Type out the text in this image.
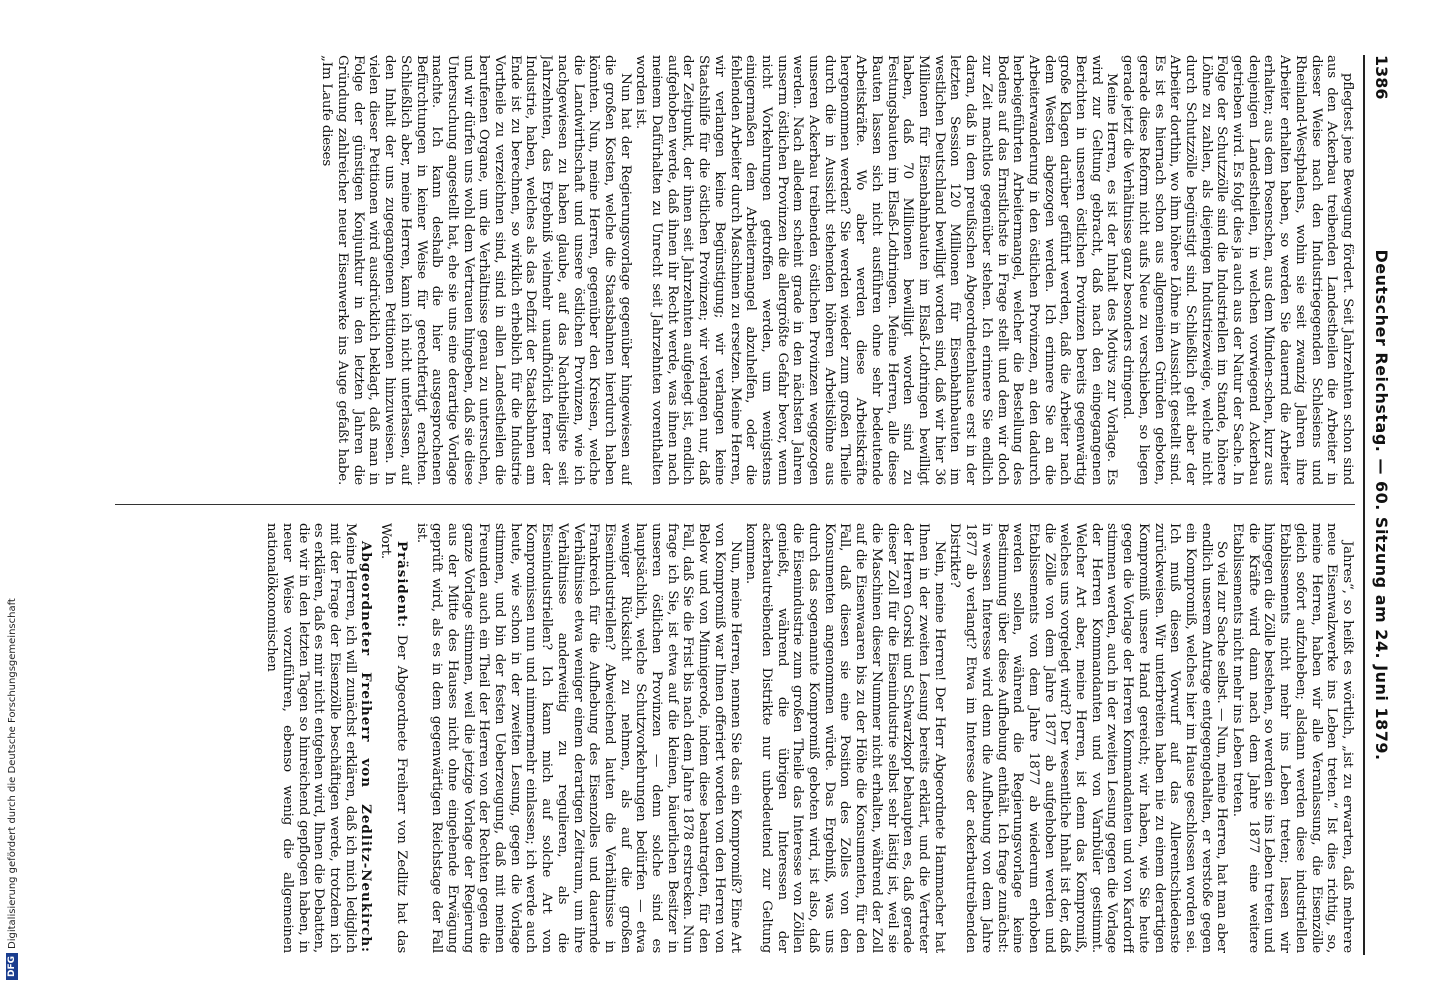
1386
Deutscher Reichstag. — 60. Sitzung am 24. Juni 1879.

pflegtest jene Bewegung fördert. Seit Jahrzehnten schon sind aus den Ackerbau treibenden Landestheilen die Arbeiter in dieser Weise nach den Industriegegenden Schlesiens und Rheinland-Westphalens, wohin sie seit zwanzig Jahren ihre Arbeiter erhalten haben, so werden Sie dauernd die Arbeiter erhalten; aus dem Posenschen, aus dem Minden-schen, kurz aus denjenigen Landestheilen, in welchen vorwiegend Ackerbau getrieben wird. Es folgt dies ja auch aus der Natur der Sache. In Folge der Schutzzölle sind die Industriellen im Stande, höhere Löhne zu zahlen, als diejenigen Industriezweige, welche nicht durch Schutzzölle begünstigt sind. Schließlich geht aber der Arbeiter dorthin, wo ihm höhere Löhne in Aussicht gestellt sind. Es ist es hiernach schon aus allgemeinen Gründen geboten, gerade diese Reform nicht aufs Neue zu verschieben, so liegen gerade jetzt die Verhältnisse ganz besonders dringend.

Meine Herren, es ist der Inhalt des Motivs zur Vorlage. Es wird zur Geltung gebracht, daß nach den eingegangenen Berichten in unseren östlichen Provinzen bereits gegenwärtig große Klagen darüber geführt werden, daß die Arbeiter nach dem Westen abgezogen werden. Ich erinnere Sie an die Arbeiterwanderung in den östlichen Provinzen, an den dadurch herbeigeführten Arbeitermangel, welcher die Bestellung des Bodens auf das Ernstlichste in Frage stellt und dem wir doch zur Zeit machtlos gegenüber stehen. Ich erinnere Sie endlich daran, daß in dem preußischen Abgeordnetenhause erst in der letzten Session 120 Millionen für Eisenbahnbauten im westlichen Deutschland bewilligt worden sind, daß wir hier 36 Millionen für Eisenbahnbauten im Elsaß-Lothringen bewilligt haben, daß 70 Millionen bewilligt worden sind zu Festungsbauten im Elsaß-Lothringen. Meine Herren, alle diese Bauten lassen sich nicht ausführen ohne sehr bedeutende Arbeitskräfte. Wo aber werden diese Arbeitskräfte hergenommen werden? Sie werden wieder zum großen Theile durch die in Aussicht stehenden höheren Arbeitslöhne aus unseren Ackerbau treibenden östlichen Provinzen weggezogen werden. Nach alledem scheint grade in den nächsten Jahren unserm östlichen Provinzen die allergrößte Gefahr bevor, wenn nicht Vorkehrungen getroffen werden, um wenigstens einigermaßen dem Arbeitermangel abzuhelfen, oder die fehlenden Arbeiter durch Maschinen zu ersetzen. Meine Herren, wir verlangen keine Begünstigung; wir verlangen keine Staatshilfe für die östlichen Provinzen; wir verlangen nur, daß der Zeitpunkt, der ihnen seit Jahrzehnten aufgelegt ist, endlich aufgehoben werde, daß ihnen ihr Recht werde, was ihnen nach meinem Dafürhalten zu Unrecht seit Jahrzehnten vorenthalten worden ist.

Nun hat der Regierungsvorlage gegenüber hingewiesen auf die großen Kosten, welche die Staatsbahnen hierdurch haben könnten. Nun, meine Herren, gegenüber den Kreisen, welche die Landwirthschaft und unsere östlichen Provinzen, wie ich nachgewiesen zu haben glaube, auf das Nachtheiligste seit Jahrzehnten, das Ergebniß vielmehr unaufhörlich ferner der Industrie, haben, welches als das Defizit der Staatsbahnen am Ende ist zu berechnen, so wirklich erheblich für die Industrie Vortheile zu verzeichnen sind, sind in allen Landestheilen die berufenen Organe, um die Verhältnisse genau zu untersuchen, und wir dürfen uns wohl dem Vertrauen hingeben, daß sie diese Untersuchung angestellt hat, ehe sie uns eine derartige Vorlage machte. Ich kann deshalb die hier ausgesprochenen Befürchtungen in keiner Weise für gerechtfertigt erachten. Schließlich aber, meine Herren, kann ich nicht unterlassen, auf den Inhalt der uns zugegangenen Petitionen hinzuweisen. In vielen dieser Petitionen wird ausdrücklich beklagt, daß man in Folge der günstigen Konjunktur in den letzten Jahren die Gründung zahlreicher neuer Eisenwerke ins Auge gefaßt habe. „Im Laufe dieses

Jahres“, so heißt es wörtlich, „ist zu erwarten, daß mehrere neue Eisenwalzwerke ins Leben treten.“ Ist dies richtig, so, meine Herren, haben wir alle Veranlassung, die Eisenzölle gleich sofort aufzuheben; alsdann werden diese industriellen Etablissements nicht mehr ins Leben treten; lassen wir hingegen die Zölle bestehen, so werden sie ins Leben treten und die Kräfte wird dann nach dem Jahre 1877 eine weitere Etablissements nicht mehr ins Leben treten.

So viel zur Sache selbst. — Nun, meine Herren, hat man aber endlich unserem Antrage entgegengehalten, er verstoße gegen ein Kompromiß, welches hier im Hause geschlossen worden sei. Ich muß diesen Vorwurf auf das Allerentschiedenste zurückweisen. Wir unterbreiten haben nie zu einem derartigen Kompromiß unsere Hand gereicht; wir haben, wie Sie heute gegen die Vorlage der Herren Kommandanten und von Kardorff stimmen werden, auch in der zweiten Lesung gegen die Vorlage der Herren Kommandanten und von Varnbüler gestimmt. Welcher Art aber, meine Herren, ist denn das Kompromiß, welches uns vorgelegt wird? Der wesentliche Inhalt ist der, daß die Zölle von dem Jahre 1877 ab aufgehoben werden und Etablissements von dem Jahre 1877 ab wiederum erhoben werden sollen, während die Regierungsvorlage keine Bestimmung über diese Aufhebung enthält. Ich frage zunächst: in wessen Interesse wird denn die Aufhebung von dem Jahre 1877 ab verlangt? Etwa im Interesse der ackerbautreibenden Distrikte?

Nein, meine Herren! Der Herr Abgeordnete Hammacher hat Ihnen in der zweiten Lesung bereits erklärt, und die Vertreter der Herren Gorski und Schwarzkopf behaupten es, daß gerade dieser Zoll für die Eisenindustrie selbst sehr lästig ist, weil sie die Maschinen dieser Nummer nicht erhalten, während der Zoll auf die Eisenwaaren bis zu der Höhe die Konsumenten, für den Fall, daß diesen sie eine Position des Zolles von den Konsumenten angenommen würde. Das Ergebniß, was uns durch das sogenannte Kompromiß geboten wird, ist also, daß die Eisenindustrie zum großen Theile das Interesse von Zöllen genießt, während die übrigen Interessen der ackerbautreibenden Distrikte nur unbedeutend zur Geltung kommen.

Nun, meine Herren, nennen Sie das ein Kompromiß? Eine Art von Kompromiß war Ihnen offeriert worden von den Herren von Below und von Minnigerode, indem diese beantragten, für den Fall, daß Sie die Frist bis nach dem Jahre 1878 erstrecken. Nun frage ich Sie, ist etwa auf die kleinen, bäuerlichen Besitzer in unseren östlichen Provinzen — denn solche sind es hauptsächlich, welche Schutzvorkehrungen bedürfen — etwa weniger Rücksicht zu nehmen, als auf die großen Eisenindustriellen? Abweichend lauten die Verhältnisse in Frankreich für die Aufhebung des Eisenzolles und dauernde Verhältnisse etwa weniger einem derartigen Zeitraum, um ihre Verhältnisse anderweitig zu regulieren, als die Eisenindustriellen? Ich kann mich auf solche Art von Kompromissen nun und nimmermehr einlassen; ich werde auch heute, wie schon in der zweiten Lesung, gegen die Vorlage stimmen, und bin der festen Ueberzeugung, daß mit meinen Freunden auch ein Theil der Herren von der Rechten gegen die ganze Vorlage stimmen, weil die jetzige Vorlage der Regierung aus der Mitte des Hauses nicht ohne eingehende Erwägung geprüft wird, als es in dem gegenwärtigen Reichstage der Fall ist.

Präsident: Der Abgeordnete Freiherr von Zedlitz hat das Wort.

Abgeordneter Freiherr von Zedlitz-Neukirch: Meine Herren, ich will zunächst erklären, daß ich mich lediglich mit der Frage der Eisenzölle beschäftigen werde, trotzdem ich es erklären, daß es mir nicht entgehen wird, Ihnen die Debatten, die wir in den letzten Tagen so hinreichend gepflogen haben, in neuer Weise vorzuführen, ebenso wenig die allgemeinen nationalökonomischen

DFGDigitalisierung gefördert durch die Deutsche Forschungsgemeinschaft
